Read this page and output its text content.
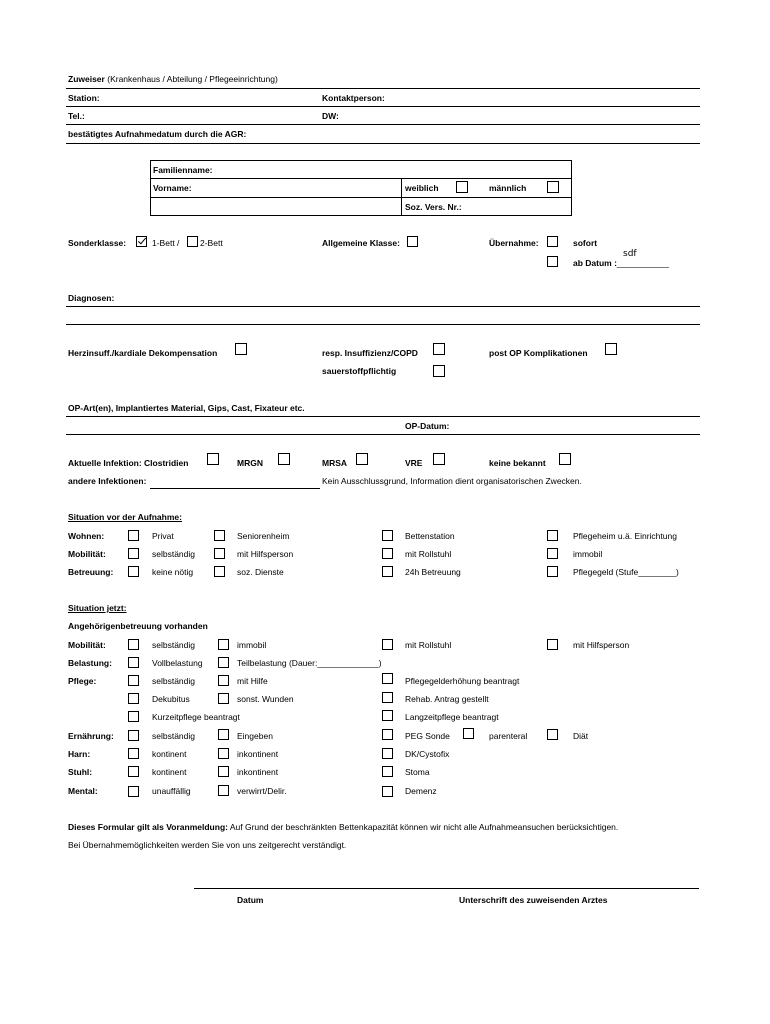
Zuweiser (Krankenhaus / Abteilung / Pflegeeinrichtung)
Station:	Kontaktperson:
Tel.:	DW:
bestätigtes Aufnahmedatum durch die AGR:
Familienname:
Vorname:	weiblich	männlich
Soz. Vers. Nr.:
Sonderklasse:	1-Bett / 2-Bett	Allgemeine Klasse:	Übernahme:	sofort
ab Datum :___________
sdf
Diagnosen:
Herzinsuff./kardiale Dekompensation	resp. Insuffizienz/COPD	post OP Komplikationen
sauerstoffpflichtig
OP-Art(en), Implantiertes Material, Gips, Cast, Fixateur etc.
OP-Datum:
Aktuelle Infektion: Clostridien	MRGN	MRSA	VRE	keine bekannt
andere Infektionen:	Kein Ausschlussgrund, Information dient organisatorischen Zwecken.
Situation vor der Aufnahme:
Wohnen:	Privat	Seniorenheim	Bettenstation	Pflegeheim u.ä. Einrichtung
Mobilität:	selbständig	mit Hilfsperson	mit Rollstuhl	immobil
Betreuung:	keine nötig	soz. Dienste	24h Betreuung	Pflegegeld (Stufe________)
Situation jetzt:
Angehörigenbetreuung vorhanden
Mobilität:	selbständig	immobil	mit Rollstuhl	mit Hilfsperson
Belastung:	Vollbelastung	Teilbelastung (Dauer:_____________)
Pflege:	selbständig	mit Hilfe	Pflegegelderhöhung beantragt
Dekubitus	sonst. Wunden	Rehab. Antrag gestellt
Kurzeitpflege beantragt	Langzeitpflege beantragt
Ernährung:	selbständig	Eingeben	PEG Sonde	parenteral	Diät
Harn:	kontinent	inkontinent	DK/Cystofix
Stuhl:	kontinent	inkontinent	Stoma
Mental:	unauffällig	verwirrt/Delir.	Demenz
Dieses Formular gilt als Voranmeldung: Auf Grund der beschränkten Bettenkapazität können wir nicht alle Aufnahmeansuchen berücksichtigen.
Bei Übernahmemöglichkeiten werden Sie von uns zeitgerecht verständigt.
Datum	Unterschrift des zuweisenden Arztes
